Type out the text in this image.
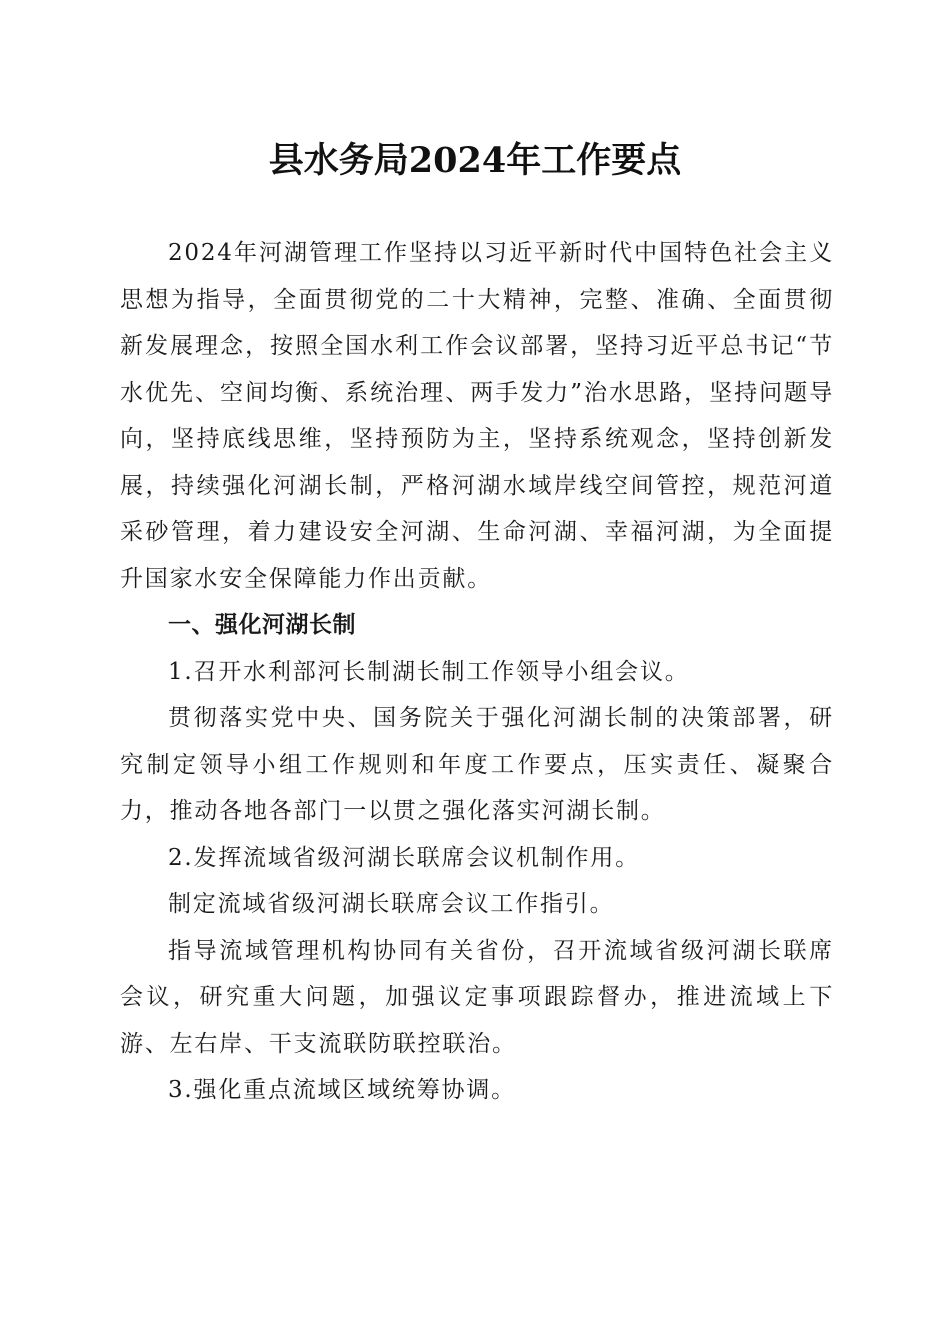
县水务局2024年工作要点

2024年河湖管理工作坚持以习近平新时代中国特色社会主义思想为指导，全面贯彻党的二十大精神，完整、准确、全面贯彻新发展理念，按照全国水利工作会议部署，坚持习近平总书记“节水优先、空间均衡、系统治理、两手发力”治水思路，坚持问题导向，坚持底线思维，坚持预防为主，坚持系统观念，坚持创新发展，持续强化河湖长制，严格河湖水域岸线空间管控，规范河道采砂管理，着力建设安全河湖、生命河湖、幸福河湖，为全面提升国家水安全保障能力作出贡献。

一、强化河湖长制

1.召开水利部河长制湖长制工作领导小组会议。

贯彻落实党中央、国务院关于强化河湖长制的决策部署，研究制定领导小组工作规则和年度工作要点，压实责任、凝聚合力，推动各地各部门一以贯之强化落实河湖长制。

2.发挥流域省级河湖长联席会议机制作用。

制定流域省级河湖长联席会议工作指引。

指导流域管理机构协同有关省份，召开流域省级河湖长联席会议，研究重大问题，加强议定事项跟踪督办，推进流域上下游、左右岸、干支流联防联控联治。

3.强化重点流域区域统筹协调。
